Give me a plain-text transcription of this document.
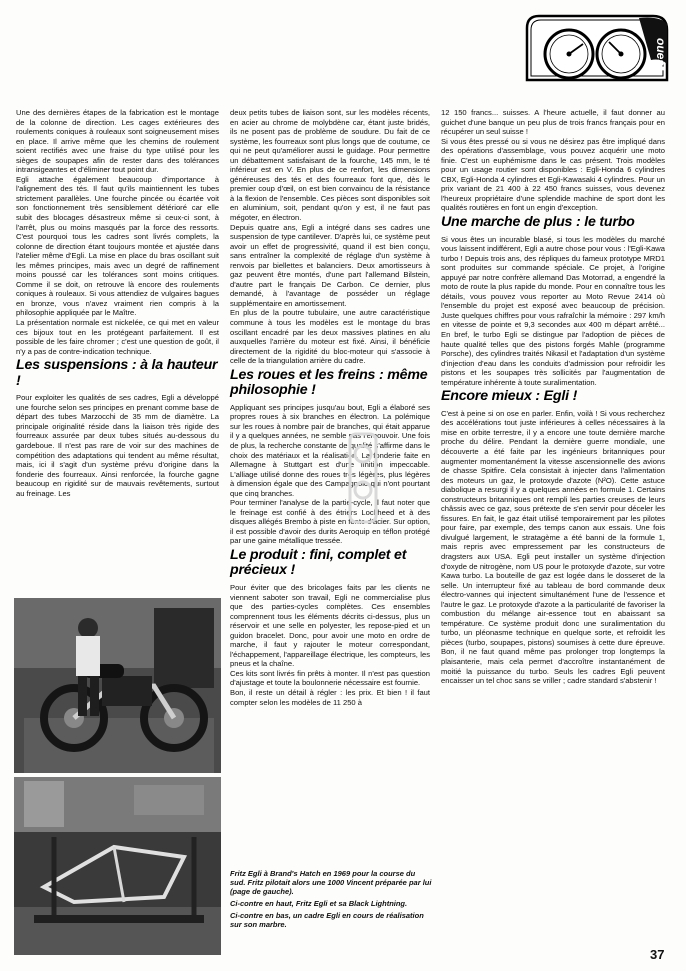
ouest

Une des dernières étapes de la fabrication est le montage de la colonne de direction. Les cages extérieures des roulements coniques à rouleaux sont soigneusement mises en place. Il arrive même que les chemins de roulement soient rectifiés avec une fraise du type utilisé pour les sièges de soupapes afin de rester dans des tolérances intransigeantes et d'éliminer tout point dur.

Egli attache également beaucoup d'importance à l'alignement des tés. Il faut qu'ils maintiennent les tubes strictement parallèles. Une fourche pincée ou écartée voit son fonctionnement très sensiblement détérioré car elle subit des blocages désastreux même si ceux-ci sont, à l'arrêt, plus ou moins masqués par la force des ressorts. C'est pourquoi tous les cadres sont livrés complets, la colonne de direction étant toujours montée et ajustée dans l'atelier même d'Egli. La mise en place du bras oscillant suit les mêmes principes, mais avec un degré de raffinement moins poussé car les tolérances sont moins critiques. Comme il se doit, on retrouve là encore des roulements coniques à rouleaux. Si vous attendiez de vulgaires bagues en bronze, vous n'avez vraiment rien compris à la philosophie appliquée par le Maître.

La présentation normale est nickelée, ce qui met en valeur ces bijoux tout en les protégeant parfaitement. Il est possible de les faire chromer ; c'est une question de goût, il n'y a pas de contre-indication technique.

Les suspensions : à la hauteur !

Pour exploiter les qualités de ses cadres, Egli a développé une fourche selon ses principes en prenant comme base de départ des tubes Marzocchi de 35 mm de diamètre. La principale originalité réside dans la liaison très rigide des fourreaux assurée par deux tubes situés au-dessous du gardeboue. Il n'est pas rare de voir sur des machines de compétition des adaptations qui tendent au même résultat, mais, ici il s'agit d'un système prévu d'origine dans la fonderie des fourreaux. Ainsi renforcée, la fourche gagne beaucoup en rigidité sur de mauvais revêtements, surtout au freinage. Les

deux petits tubes de liaison sont, sur les modèles récents, en acier au chrome de molybdène car, étant juste bridés, ils ne posent pas de problème de soudure. Du fait de ce système, les fourreaux sont plus longs que de coutume, ce qui ne peut qu'améliorer aussi le guidage. Pour permettre un débattement satisfaisant de la fourche, 145 mm, le té inférieur est en V. En plus de ce renfort, les dimensions généreuses des tés et des fourreaux font que, dès le premier coup d'œil, on est bien convaincu de la résistance à la flexion de l'ensemble. Ces pièces sont disponibles soit en aluminium, soit, pendant qu'on y est, il ne faut pas mégoter, en électron.

Depuis quatre ans, Egli a intégré dans ses cadres une suspension de type cantilever. D'après lui, ce système peut avoir un effet de progressivité, quand il est bien conçu, sans entraîner la complexité de réglage d'un système à renvois par biellettes et balanciers. Deux amortisseurs à gaz peuvent être montés, d'une part l'allemand Bilstein, d'autre part le français De Carbon. Ce dernier, plus demandé, à l'avantage de posséder un réglage supplémentaire en amortissement.

En plus de la poutre tubulaire, une autre caractéristique commune à tous les modèles est le montage du bras oscillant encadré par les deux massives platines en alu auxquelles l'arrière du moteur est fixé. Ainsi, il bénéficie directement de la rigidité du bloc-moteur qui s'associe à celle de la triangulation arrière du cadre.

Les roues et les freins : même philosophie !

Appliquant ses principes jusqu'au bout, Egli a élaboré ses propres roues à six branches en électron. La polémique sur les roues à nombre pair de branches, qui était apparue il y a quelques années, ne semble pas l'émouvoir. Une fois de plus, la recherche constante de qualité s'affirme dans le choix des matériaux et la réalisation. La fonderie faite en Allemagne à Stuttgart est d'une finition impeccable. L'alliage utilisé donne des roues très légères, plus légères à dimension égale que des Campagnolo qui n'ont pourtant que cinq branches.

Pour terminer l'analyse de la partie-cycle, il faut noter que le freinage est confié à des étriers Lockheed et à des disques allégés Brembo à piste en fonte d'acier. Sur option, il est possible d'avoir des durits Aeroquip en téflon protégé par une gaine métallique tressée.

Le produit : fini, complet et précieux !

Pour éviter que des bricolages faits par les clients ne viennent saboter son travail, Egli ne commercialise plus que des parties-cycles complètes. Ces ensembles comprennent tous les éléments décrits ci-dessus, plus un réservoir et une selle en polyester, les repose-pied et un guidon bracelet. Donc, pour avoir une moto en ordre de marche, il faut y rajouter le moteur correspondant, l'échappement, l'appareillage électrique, les compteurs, les pneus et la chaîne.

Ces kits sont livrés fin prêts à monter. Il n'est pas question d'ajustage et toute la boulonnerie nécessaire est fournie.

Bon, il reste un détail à régler : les prix. Et bien ! il faut compter selon les modèles de 11 250 à

Fritz Egli à Brand's Hatch en 1969 pour la course du sud. Fritz pilotait alors une 1000 Vincent préparée par lui (page de gauche).

Ci-contre en haut, Fritz Egli et sa Black Lightning.

Ci-contre en bas, un cadre Egli en cours de réalisation sur son marbre.

12 150 francs... suisses. A l'heure actuelle, il faut donner au guichet d'une banque un peu plus de trois francs français pour en récupérer un seul suisse !

Si vous êtes pressé ou si vous ne désirez pas être impliqué dans des opérations d'assemblage, vous pouvez acquérir une moto finie. C'est un euphémisme dans le cas présent. Trois modèles pour un usage routier sont disponibles : Egli-Honda 6 cylindres CBX, Egli-Honda 4 cylindres et Egli-Kawasaki 4 cylindres. Pour un prix variant de 21 400 à 22 450 francs suisses, vous devenez l'heureux propriétaire d'une splendide machine de sport dont les qualités routières en font un engin d'exception.

Une marche de plus : le turbo

Si vous êtes un incurable blasé, si tous les modèles du marché vous laissent indifférent, Egli a autre chose pour vous : l'Egli-Kawa turbo ! Depuis trois ans, des répliques du fameux prototype MRD1 sont produites sur commande spéciale. Ce projet, à l'origine appuyé par notre confrère allemand Das Motorrad, a engendré la moto de route la plus rapide du monde. Pour en connaître tous les détails, vous pouvez vous reporter au Moto Revue 2414 où l'ensemble du projet est exposé avec beaucoup de précision. Juste quelques chiffres pour vous rafraîchir la mémoire : 297 km/h en vitesse de pointe et 9,3 secondes aux 400 m départ arrêté... En bref, le turbo Egli se distingue par l'adoption de pièces de haute qualité telles que des pistons forgés Mahle (programme Porsche), des cylindres traités Nikasil et l'adaptation d'un système d'injection d'eau dans les conduits d'admission pour refroidir les pistons et les soupapes très sollicités par l'augmentation de température inhérente à toute suralimentation.

Encore mieux : Egli !

C'est à peine si on ose en parler. Enfin, voilà ! Si vous recherchez des accélérations tout juste inférieures à celles nécessaires à la mise en orbite terrestre, il y a encore une toute dernière marche proche du délire. Pendant la dernière guerre mondiale, une découverte a été faite par les ingénieurs britanniques pour augmenter momentanément la vitesse ascensionnelle des avions de chasse Spitfire. Cela consistait à injecter dans l'alimentation des moteurs un gaz, le protoxyde d'azote (N²O). Cette astuce diabolique a resurgi il y a quelques années en formule 1. Certains constructeurs britanniques ont rempli les parties creuses de leurs châssis avec ce gaz, sous prétexte de s'en servir pour déceler les fissures. En fait, le gaz était utilisé temporairement par les pilotes pour faire, par exemple, des temps canon aux essais. Une fois divulgué largement, le stratagème a été banni de la formule 1, mais repris avec empressement par les constructeurs de dragsters aux USA. Egli peut installer un système d'injection d'oxyde de nitrogène, nom US pour le protoxyde d'azote, sur votre Kawa turbo. La bouteille de gaz est logée dans le dosseret de la selle. Un interrupteur fixé au tableau de bord commande deux électro-vannes qui injectent simultanément l'une de l'essence et l'autre le gaz. Le protoxyde d'azote a la particularité de favoriser la combustion du mélange air-essence tout en abaissant sa température. Ce système produit donc une suralimentation du turbo, un pléonasme technique en quelque sorte, et refroidit les pièces (turbo, soupapes, pistons) soumises à cette dure épreuve. Bon, il ne faut quand même pas prolonger trop longtemps la plaisanterie, mais cela permet d'accroître instantanément de moitié la puissance du turbo. Seuls les cadres Egli peuvent encaisser un tel choc sans se vriller ; cadre standard s'abstenir !

37
